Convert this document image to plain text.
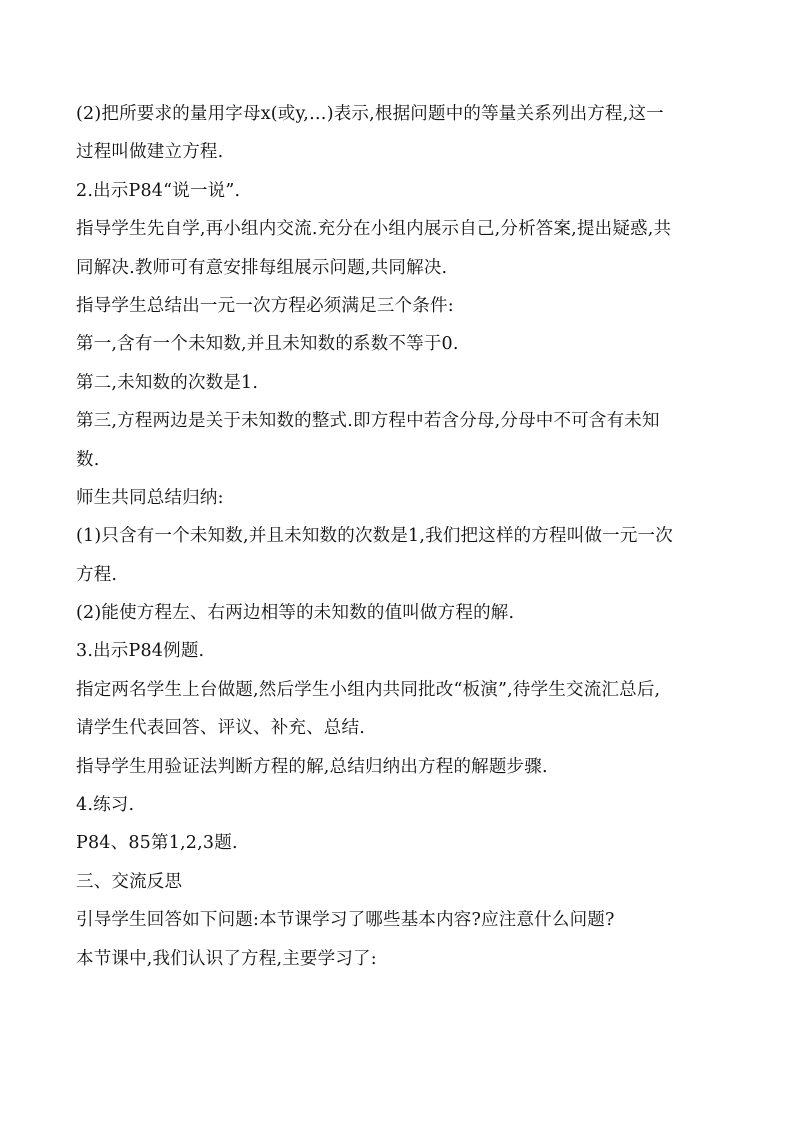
(2)把所要求的量用字母x(或y,…)表示,根据问题中的等量关系列出方程,这一
过程叫做建立方程.
2.出示P84“说一说”.
指导学生先自学,再小组内交流.充分在小组内展示自己,分析答案,提出疑惑,共
同解决.教师可有意安排每组展示问题,共同解决.
指导学生总结出一元一次方程必须满足三个条件:
第一,含有一个未知数,并且未知数的系数不等于0.
第二,未知数的次数是1.
第三,方程两边是关于未知数的整式.即方程中若含分母,分母中不可含有未知
数.
师生共同总结归纳:
(1)只含有一个未知数,并且未知数的次数是1,我们把这样的方程叫做一元一次
方程.
(2)能使方程左、右两边相等的未知数的值叫做方程的解.
3.出示P84例题.
指定两名学生上台做题,然后学生小组内共同批改“板演”,待学生交流汇总后,
请学生代表回答、评议、补充、总结.
指导学生用验证法判断方程的解,总结归纳出方程的解题步骤.
4.练习.
P84、85第1,2,3题.
三、交流反思
引导学生回答如下问题:本节课学习了哪些基本内容?应注意什么问题?
本节课中,我们认识了方程,主要学习了:
